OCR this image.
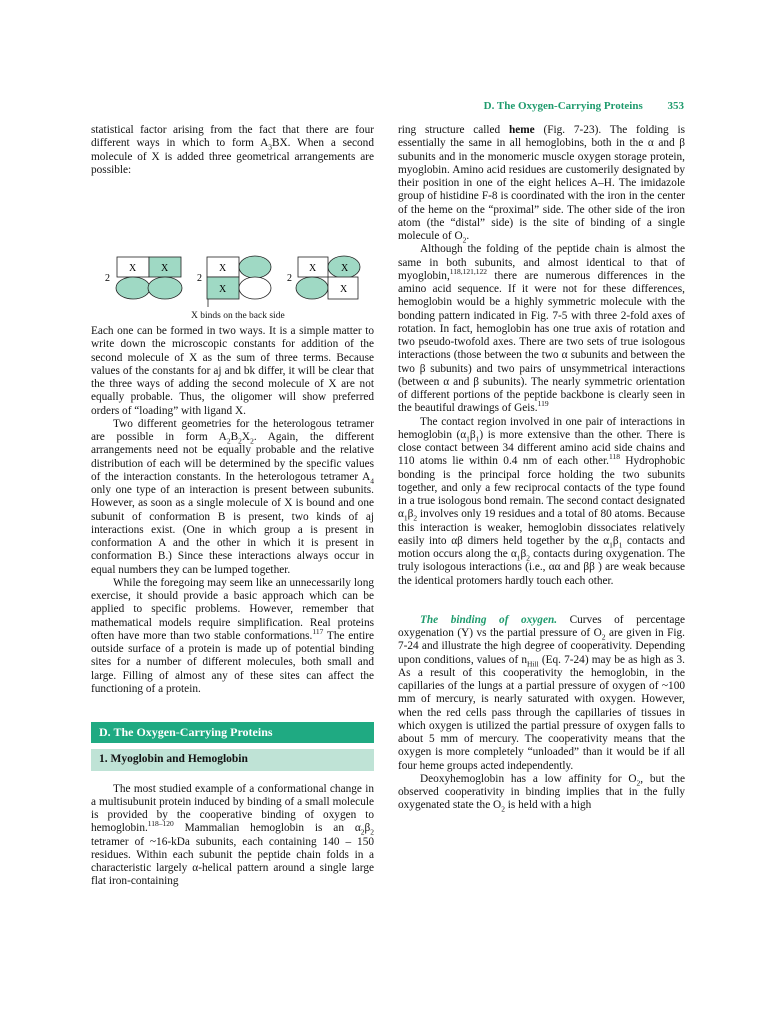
D. The Oxygen-Carrying Proteins 353

statistical factor arising from the fact that there are four different ways in which to form $A_3BX$. When a second molecule of X is added three geometrical arrangements are possible:

2
X X
2
X
X
2
X X
X
X binds on the back side

Each one can be formed in two ways. It is a simple matter to write down the microscopic constants for addition of the second molecule of X as the sum of three terms. Because values of the constants for aj and bk differ, it will be clear that the three ways of adding the second molecule of X are not equally probable. Thus, the oligomer will show preferred orders of “loading” with ligand X.

Two different geometries for the heterologous tetramer are possible in form $A_2B_2X_2$. Again, the different arrangements need not be equally probable and the relative distribution of each will be determined by the specific values of the interaction constants. In the heterologous tetramer $A_4$ only one type of an interaction is present between subunits. However, as soon as a single molecule of X is bound and one subunit of conformation B is present, two kinds of aj interactions exist. (One in which group a is present in conformation A and the other in which it is present in conformation B.) Since these interactions always occur in equal numbers they can be lumped together.

While the foregoing may seem like an unnecessarily long exercise, it should provide a basic approach which can be applied to specific problems. However, remember that mathematical models require simplification. Real proteins often have more than two stable conformations.$^{117}$ The entire outside surface of a protein is made up of potential binding sites for a number of different molecules, both small and large. Filling of almost any of these sites can affect the functioning of a protein.

D. The Oxygen-Carrying Proteins
1. Myoglobin and Hemoglobin

The most studied example of a conformational change in a multisubunit protein induced by binding of a small molecule is provided by the cooperative binding of oxygen to hemoglobin.$^{118-120}$ Mammalian hemoglobin is an $\alpha_2\beta_2$ tetramer of ~16-kDa subunits, each containing 140 – 150 residues. Within each subunit the peptide chain folds in a characteristic largely α-helical pattern around a single large flat iron-containing

ring structure called heme (Fig. 7-23). The folding is essentially the same in all hemoglobins, both in the α and β subunits and in the monomeric muscle oxygen storage protein, myoglobin. Amino acid residues are customerily designated by their position in one of the eight helices A–H. The imidazole group of histidine F-8 is coordinated with the iron in the center of the heme on the “proximal” side. The other side of the iron atom (the “distal” side) is the site of binding of a single molecule of $O_2$.

Although the folding of the peptide chain is almost the same in both subunits, and almost identical to that of myoglobin,$^{118,121,122}$ there are numerous differences in the amino acid sequence. If it were not for these differences, hemoglobin would be a highly symmetric molecule with the bonding pattern indicated in Fig. 7-5 with three 2-fold axes of rotation. In fact, hemoglobin has one true axis of rotation and two pseudo-twofold axes. There are two sets of true isologous interactions (those between the two α subunits and between the two β subunits) and two pairs of unsymmetrical interactions (between α and β subunits). The nearly symmetric orientation of different portions of the peptide backbone is clearly seen in the beautiful drawings of Geis.$^{119}$

The contact region involved in one pair of interactions in hemoglobin $(\alpha_1\beta_1)$ is more extensive than the other. There is close contact between 34 different amino acid side chains and 110 atoms lie within 0.4 nm of each other.$^{118}$ Hydrophobic bonding is the principal force holding the two subunits together, and only a few reciprocal contacts of the type found in a true isologous bond remain. The second contact designated $\alpha_1\beta_2$ involves only 19 residues and a total of 80 atoms. Because this interaction is weaker, hemoglobin dissociates relatively easily into αβ dimers held together by the $\alpha_1\beta_1$ contacts and motion occurs along the $\alpha_1\beta_2$ contacts during oxygenation. The truly isologous interactions (i.e., αα and ββ ) are weak because the identical protomers hardly touch each other.

The binding of oxygen. Curves of percentage oxygenation (Y) vs the partial pressure of $O_2$ are given in Fig. 7-24 and illustrate the high degree of cooperativity. Depending upon conditions, values of $n_{Hill}$ (Eq. 7-24) may be as high as 3. As a result of this cooperativity the hemoglobin, in the capillaries of the lungs at a partial pressure of oxygen of ~100 mm of mercury, is nearly saturated with oxygen. However, when the red cells pass through the capillaries of tissues in which oxygen is utilized the partial pressure of oxygen falls to about 5 mm of mercury. The cooperativity means that the oxygen is more completely “unloaded” than it would be if all four heme groups acted independently.

Deoxyhemoglobin has a low affinity for $O_2$, but the observed cooperativity in binding implies that in the fully oxygenated state the $O_2$ is held with a high
